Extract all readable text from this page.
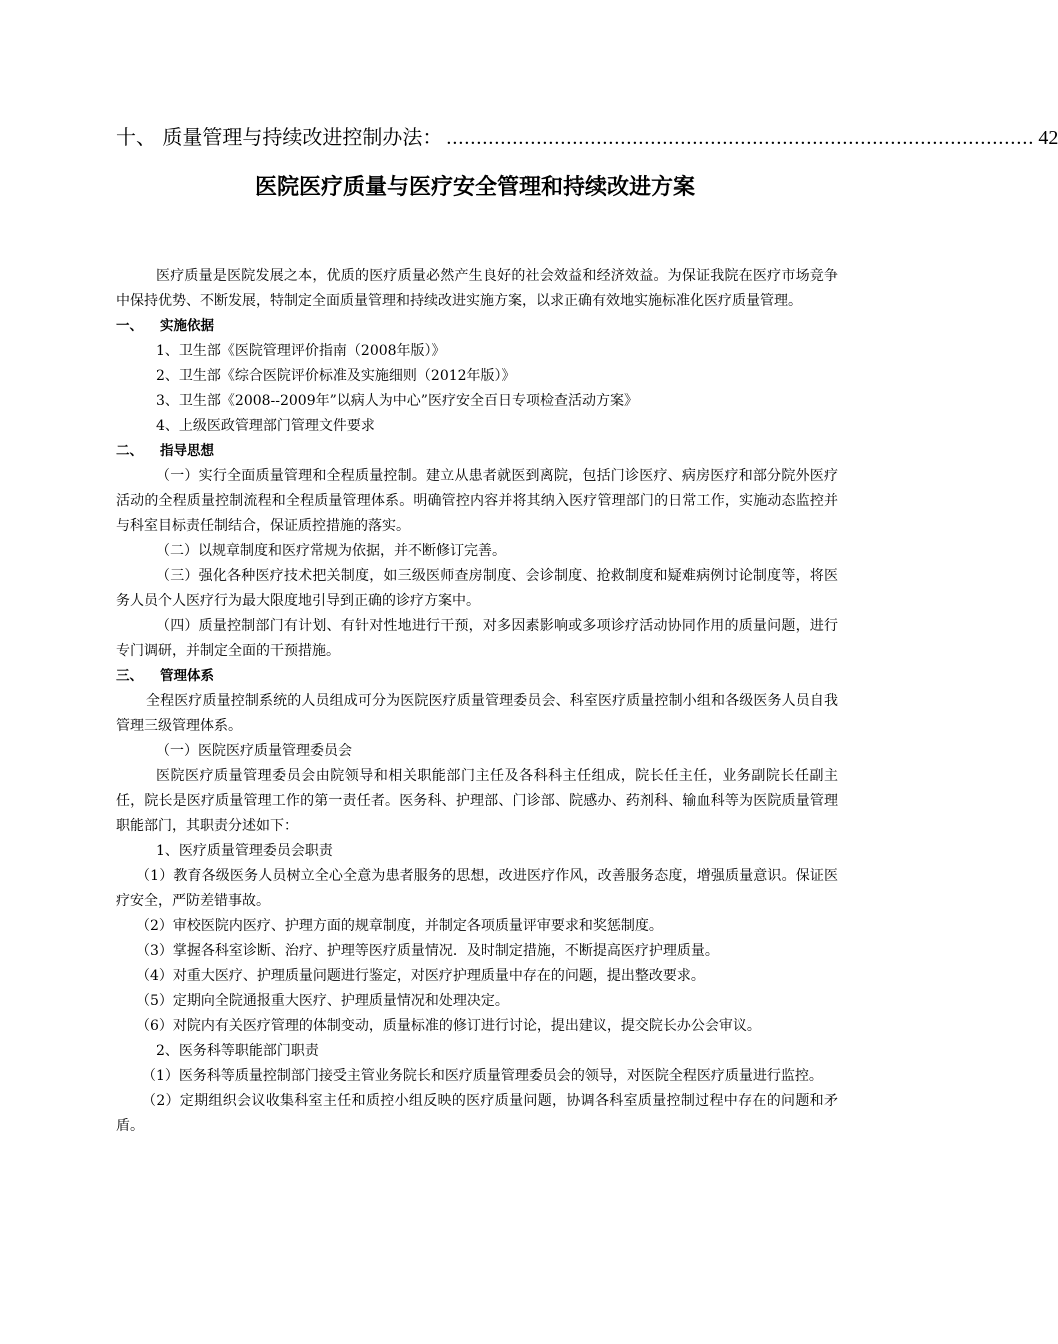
十、 质量管理与持续改进控制办法： .................................................................................................. 42
医院医疗质量与医疗安全管理和持续改进方案

医疗质量是医院发展之本，优质的医疗质量必然产生良好的社会效益和经济效益。为保证我院在医疗市场竞争中保持优势、不断发展，特制定全面质量管理和持续改进实施方案，以求正确有效地实施标准化医疗质量管理。

一、 实施依据

1、卫生部《医院管理评价指南（2008年版）》

2、卫生部《综合医院评价标准及实施细则（2012年版）》

3、卫生部《2008--2009年”以病人为中心”医疗安全百日专项检查活动方案》

4、上级医政管理部门管理文件要求

二、 指导思想

（一）实行全面质量管理和全程质量控制。建立从患者就医到离院，包括门诊医疗、病房医疗和部分院外医疗活动的全程质量控制流程和全程质量管理体系。明确管控内容并将其纳入医疗管理部门的日常工作，实施动态监控并与科室目标责任制结合，保证质控措施的落实。

（二）以规章制度和医疗常规为依据，并不断修订完善。

（三）强化各种医疗技术把关制度，如三级医师查房制度、会诊制度、抢救制度和疑难病例讨论制度等，将医务人员个人医疗行为最大限度地引导到正确的诊疗方案中。

（四）质量控制部门有计划、有针对性地进行干预，对多因素影响或多项诊疗活动协同作用的质量问题，进行专门调研，并制定全面的干预措施。

三、 管理体系

全程医疗质量控制系统的人员组成可分为医院医疗质量管理委员会、科室医疗质量控制小组和各级医务人员自我管理三级管理体系。

（一）医院医疗质量管理委员会

医院医疗质量管理委员会由院领导和相关职能部门主任及各科科主任组成，院长任主任，业务副院长任副主任，院长是医疗质量管理工作的第一责任者。医务科、护理部、门诊部、院感办、药剂科、输血科等为医院质量管理职能部门，其职责分述如下：

1、医疗质量管理委员会职责

（1）教育各级医务人员树立全心全意为患者服务的思想，改进医疗作风，改善服务态度，增强质量意识。保证医疗安全，严防差错事故。

（2）审校医院内医疗、护理方面的规章制度，并制定各项质量评审要求和奖惩制度。

（3）掌握各科室诊断、治疗、护理等医疗质量情况．及时制定措施，不断提高医疗护理质量。

（4）对重大医疗、护理质量问题进行鉴定，对医疗护理质量中存在的问题，提出整改要求。

（5）定期向全院通报重大医疗、护理质量情况和处理决定。

（6）对院内有关医疗管理的体制变动，质量标准的修订进行讨论，提出建议，提交院长办公会审议。

2、医务科等职能部门职责

（1）医务科等质量控制部门接受主管业务院长和医疗质量管理委员会的领导，对医院全程医疗质量进行监控。

（2）定期组织会议收集科室主任和质控小组反映的医疗质量问题，协调各科室质量控制过程中存在的问题和矛盾。
